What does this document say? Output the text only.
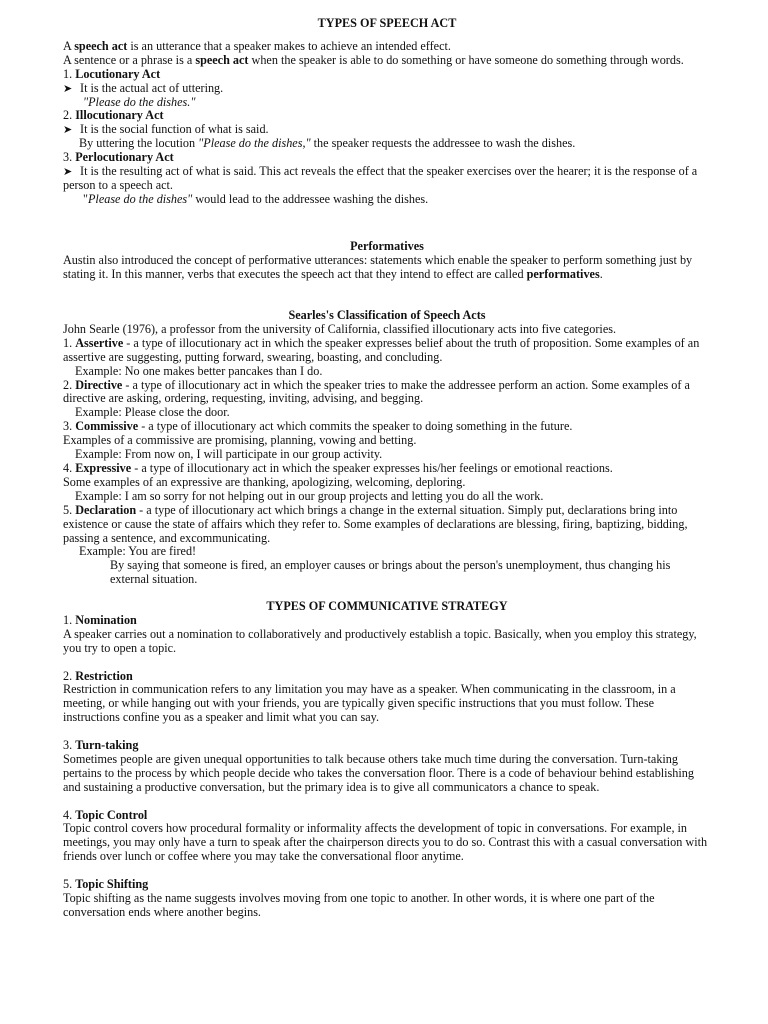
TYPES OF SPEECH ACT

A speech act is an utterance that a speaker makes to achieve an intended effect.

A sentence or a phrase is a speech act when the speaker is able to do something or have someone do something through words.

1. Locutionary Act

➤ It is the actual act of uttering.

"Please do the dishes."

2. Illocutionary Act

➤ It is the social function of what is said.

By uttering the locution "Please do the dishes," the speaker requests the addressee to wash the dishes.

3. Perlocutionary Act

➤ It is the resulting act of what is said. This act reveals the effect that the speaker exercises over the hearer; it is the response of a person to a speech act.

"Please do the dishes" would lead to the addressee washing the dishes.

Performatives

Austin also introduced the concept of performative utterances: statements which enable the speaker to perform something just by stating it. In this manner, verbs that executes the speech act that they intend to effect are called performatives.

Searles's Classification of Speech Acts

John Searle (1976), a professor from the university of California, classified illocutionary acts into five categories.

1. Assertive - a type of illocutionary act in which the speaker expresses belief about the truth of proposition. Some examples of an assertive are suggesting, putting forward, swearing, boasting, and concluding.

Example: No one makes better pancakes than I do.

2. Directive - a type of illocutionary act in which the speaker tries to make the addressee perform an action. Some examples of a directive are asking, ordering, requesting, inviting, advising, and begging.

Example: Please close the door.

3. Commissive - a type of illocutionary act which commits the speaker to doing something in the future.

Examples of a commissive are promising, planning, vowing and betting.

Example: From now on, I will participate in our group activity.

4. Expressive - a type of illocutionary act in which the speaker expresses his/her feelings or emotional reactions.

Some examples of an expressive are thanking, apologizing, welcoming, deploring.

Example: I am so sorry for not helping out in our group projects and letting you do all the work.

5. Declaration - a type of illocutionary act which brings a change in the external situation. Simply put, declarations bring into existence or cause the state of affairs which they refer to. Some examples of declarations are blessing, firing, baptizing, bidding, passing a sentence, and excommunicating.

Example: You are fired!

By saying that someone is fired, an employer causes or brings about the person's unemployment, thus changing his external situation.

TYPES OF COMMUNICATIVE STRATEGY

1. Nomination

A speaker carries out a nomination to collaboratively and productively establish a topic. Basically, when you employ this strategy, you try to open a topic.

2. Restriction

Restriction in communication refers to any limitation you may have as a speaker. When communicating in the classroom, in a meeting, or while hanging out with your friends, you are typically given specific instructions that you must follow. These instructions confine you as a speaker and limit what you can say.

3. Turn-taking

Sometimes people are given unequal opportunities to talk because others take much time during the conversation. Turn-taking pertains to the process by which people decide who takes the conversation floor. There is a code of behaviour behind establishing and sustaining a productive conversation, but the primary idea is to give all communicators a chance to speak.

4. Topic Control

Topic control covers how procedural formality or informality affects the development of topic in conversations. For example, in meetings, you may only have a turn to speak after the chairperson directs you to do so. Contrast this with a casual conversation with friends over lunch or coffee where you may take the conversational floor anytime.

5. Topic Shifting

Topic shifting as the name suggests involves moving from one topic to another. In other words, it is where one part of the conversation ends where another begins.
